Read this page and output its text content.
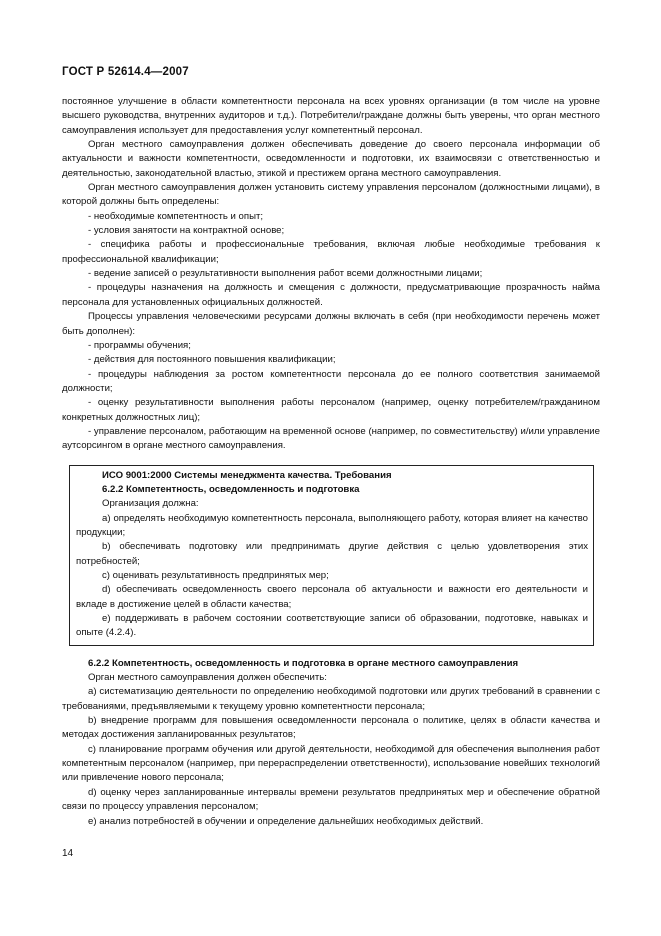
ГОСТ Р 52614.4—2007

постоянное улучшение в области компетентности персонала на всех уровнях организации (в том числе на уровне высшего руководства, внутренних аудиторов и т.д.). Потребители/граждане должны быть уверены, что орган местного самоуправления использует для предоставления услуг компетентный персонал.

Орган местного самоуправления должен обеспечивать доведение до своего персонала информации об актуальности и важности компетентности, осведомленности и подготовки, их взаимосвязи с ответственностью и деятельностью, законодательной властью, этикой и престижем органа местного самоуправления.

Орган местного самоуправления должен установить систему управления персоналом (должностными лицами), в которой должны быть определены:

- необходимые компетентность и опыт;

- условия занятости на контрактной основе;

- специфика работы и профессиональные требования, включая любые необходимые требования к профессиональной квалификации;

- ведение записей о результативности выполнения работ всеми должностными лицами;

- процедуры назначения на должность и смещения с должности, предусматривающие прозрачность найма персонала для установленных официальных должностей.

Процессы управления человеческими ресурсами должны включать в себя (при необходимости перечень может быть дополнен):

- программы обучения;

- действия для постоянного повышения квалификации;

- процедуры наблюдения за ростом компетентности персонала до ее полного соответствия занимаемой должности;

- оценку результативности выполнения работы персоналом (например, оценку потребителем/гражданином конкретных должностных лиц);

- управление персоналом, работающим на временной основе (например, по совместительству) и/или управление аутсорсингом в органе местного самоуправления.

ИСО 9001:2000 Системы менеджмента качества. Требования

6.2.2 Компетентность, осведомленность и подготовка

Организация должна:

a) определять необходимую компетентность персонала, выполняющего работу, которая влияет на качество продукции;

b) обеспечивать подготовку или предпринимать другие действия с целью удовлетворения этих потребностей;

c) оценивать результативность предпринятых мер;

d) обеспечивать осведомленность своего персонала об актуальности и важности его деятельности и вкладе в достижение целей в области качества;

e) поддерживать в рабочем состоянии соответствующие записи об образовании, подготовке, навыках и опыте (4.2.4).

6.2.2 Компетентность, осведомленность и подготовка в органе местного самоуправления

Орган местного самоуправления должен обеспечить:

а) систематизацию деятельности по определению необходимой подготовки или других требований в сравнении с требованиями, предъявляемыми к текущему уровню компетентности персонала;

b) внедрение программ для повышения осведомленности персонала о политике, целях в области качества и методах достижения запланированных результатов;

с) планирование программ обучения или другой деятельности, необходимой для обеспечения выполнения работ компетентным персоналом (например, при перераспределении ответственности), использование новейших технологий или привлечение нового персонала;

d) оценку через запланированные интервалы времени результатов предпринятых мер и обеспечение обратной связи по процессу управления персоналом;

е) анализ потребностей в обучении и определение дальнейших необходимых действий.

14
